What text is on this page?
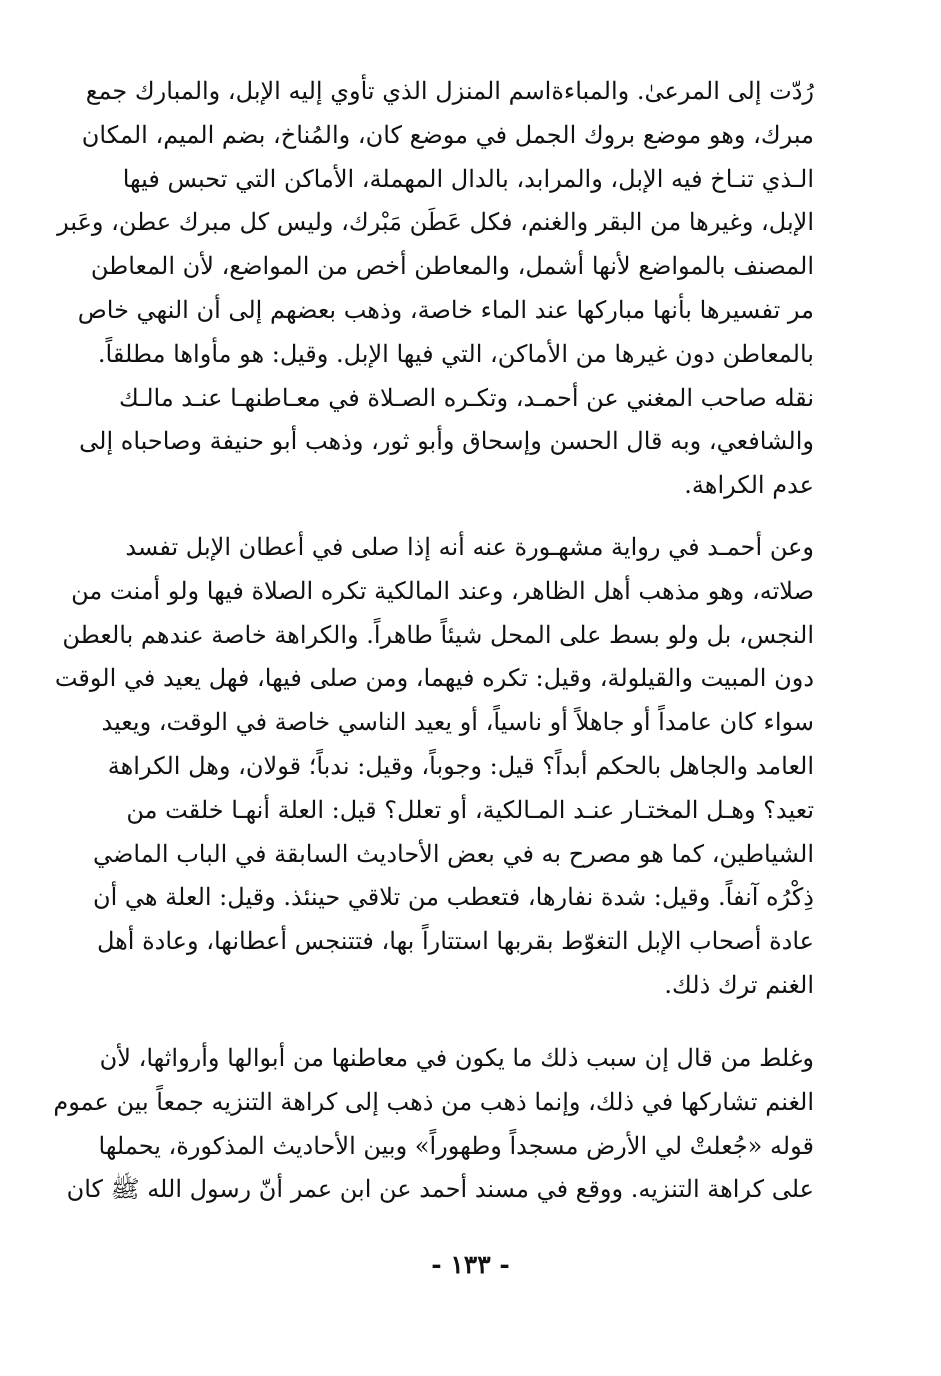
رُدّت إلى المرعىٰ. والمباءةاسم المنزل الذي تأوي إليه الإبل، والمبارك جمع
مبرك، وهو موضع بروك الجمل في موضع كان، والمُناخ، بضم الميم، المكان
الـذي تنـاخ فيه الإبل، والمرابد، بالدال المهملة، الأماكن التي تحبس فيها
الإبل، وغيرها من البقر والغنم، فكل عَطَن مَبْرك، وليس كل مبرك عطن، وعَبر
المصنف بالمواضع لأنها أشمل، والمعاطن أخص من المواضع، لأن المعاطن
مر تفسيرها بأنها مباركها عند الماء خاصة، وذهب بعضهم إلى أن النهي خاص
بالمعاطن دون غيرها من الأماكن، التي فيها الإبل. وقيل: هو مأواها مطلقاً.
نقله صاحب المغني عن أحمـد، وتكـره الصـلاة في معـاطنهـا عنـد مالـك
والشافعي، وبه قال الحسن وإسحاق وأبو ثور، وذهب أبو حنيفة وصاحباه إلى
عدم الكراهة.
وعن أحمـد في رواية مشهـورة عنه أنه إذا صلى في أعطان الإبل تفسد
صلاته، وهو مذهب أهل الظاهر، وعند المالكية تكره الصلاة فيها ولو أمنت من
النجس، بل ولو بسط على المحل شيئاً طاهراً. والكراهة خاصة عندهم بالعطن
دون المبيت والقيلولة، وقيل: تكره فيهما، ومن صلى فيها، فهل يعيد في الوقت
سواء كان عامداً أو جاهلاً أو ناسياً، أو يعيد الناسي خاصة في الوقت، ويعيد
العامد والجاهل بالحكم أبداً؟ قيل: وجوباً، وقيل: ندباً؛ قولان، وهل الكراهة
تعيد؟ وهـل المختـار عنـد المـالكية، أو تعلل؟ قيل: العلة أنهـا خلقت من
الشياطين، كما هو مصرح به في بعض الأحاديث السابقة في الباب الماضي
ذِكْرُه آنفاً. وقيل: شدة نفارها، فتعطب من تلاقي حينئذ. وقيل: العلة هي أن
عادة أصحاب الإبل التغوّط بقربها استتاراً بها، فتتنجس أعطانها، وعادة أهل
الغنم ترك ذلك.
وغلط من قال إن سبب ذلك ما يكون في معاطنها من أبوالها وأرواثها، لأن
الغنم تشاركها في ذلك، وإنما ذهب من ذهب إلى كراهة التنزيه جمعاً بين عموم
قوله «جُعلتْ لي الأرض مسجداً وطهوراً» وبين الأحاديث المذكورة، يحملها
على كراهة التنزيه. ووقع في مسند أحمد عن ابن عمر أنّ رسول الله ﷺ كان
- ١٣٣ -
